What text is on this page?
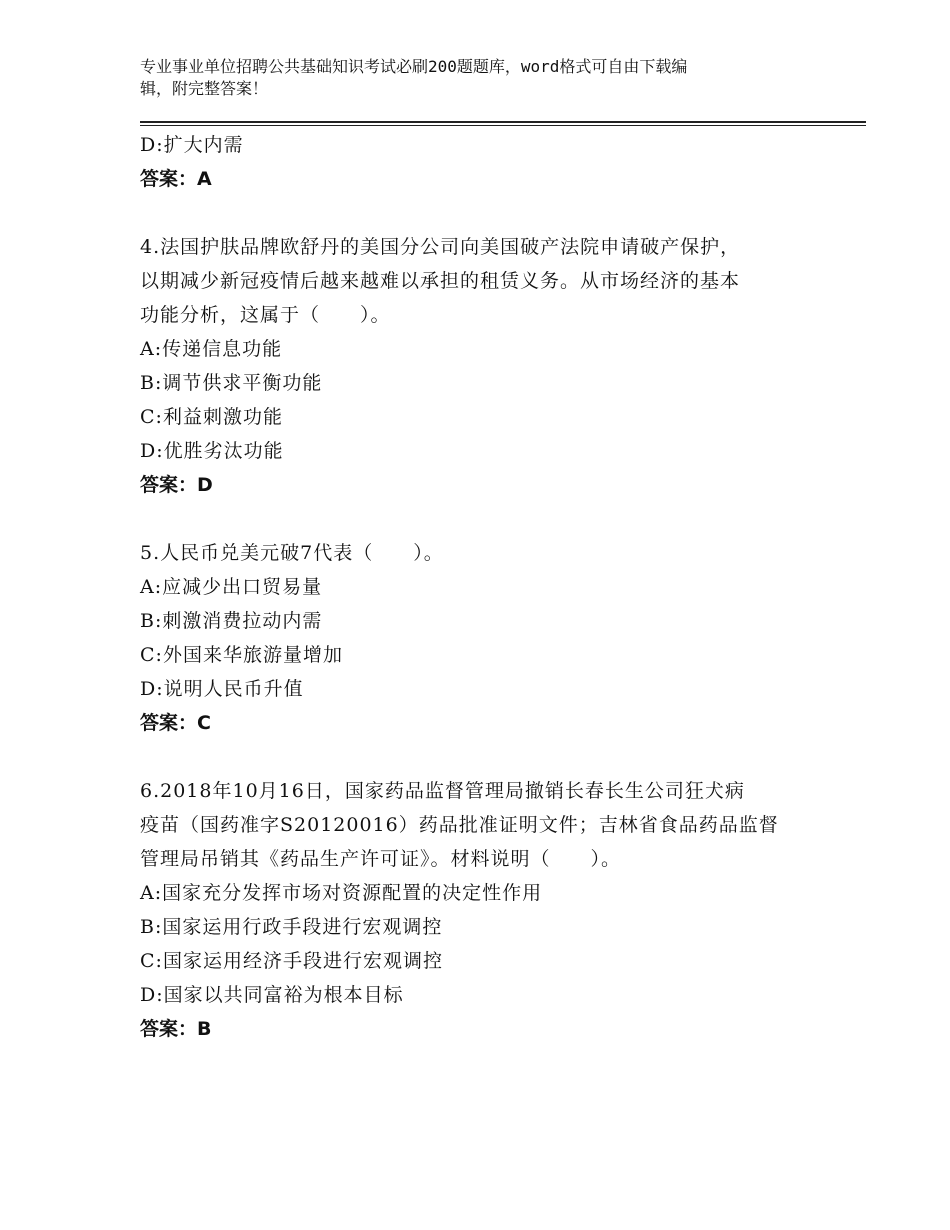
专业事业单位招聘公共基础知识考试必刷200题题库，word格式可自由下载编
辑，附完整答案！
D:扩大内需
答案：A
4.法国护肤品牌欧舒丹的美国分公司向美国破产法院申请破产保护，
以期减少新冠疫情后越来越难以承担的租赁义务。从市场经济的基本
功能分析，这属于（　　）。
A:传递信息功能
B:调节供求平衡功能
C:利益刺激功能
D:优胜劣汰功能
答案：D
5.人民币兑美元破7代表（　　）。
A:应减少出口贸易量
B:刺激消费拉动内需
C:外国来华旅游量增加
D:说明人民币升值
答案：C
6.2018年10月16日，国家药品监督管理局撤销长春长生公司狂犬病
疫苗（国药准字S20120016）药品批准证明文件；吉林省食品药品监督
管理局吊销其《药品生产许可证》。材料说明（　　）。
A:国家充分发挥市场对资源配置的决定性作用
B:国家运用行政手段进行宏观调控
C:国家运用经济手段进行宏观调控
D:国家以共同富裕为根本目标
答案：B
